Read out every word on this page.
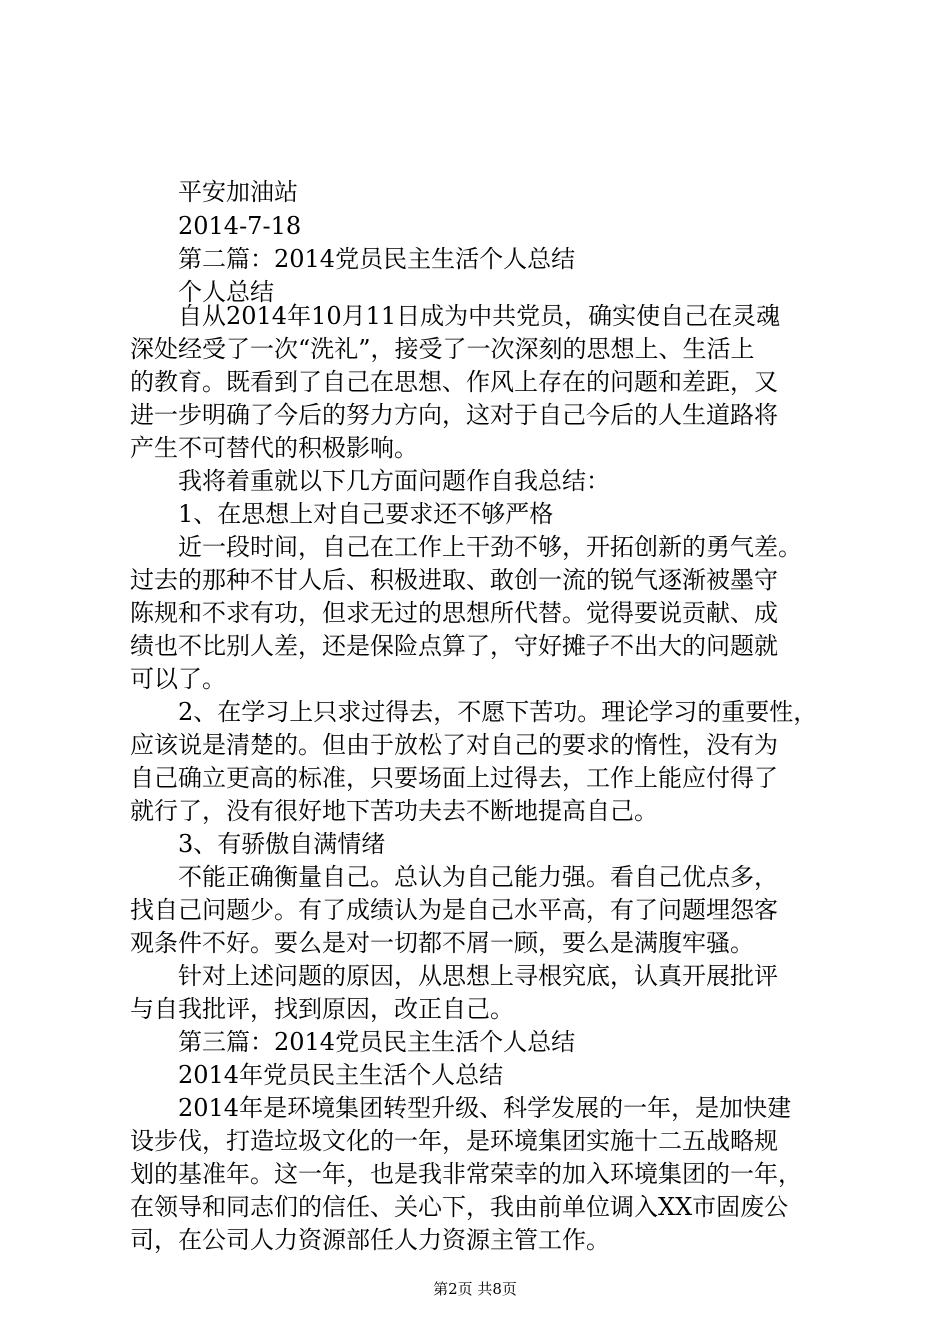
　　平安加油站

　　2014-7-18

　　第二篇：2014党员民主生活个人总结

　　个人总结

　　自从2014年10月11日成为中共党员，确实使自己在灵魂

深处经受了一次“洗礼”，接受了一次深刻的思想上、生活上

的教育。既看到了自己在思想、作风上存在的问题和差距，又

进一步明确了今后的努力方向，这对于自己今后的人生道路将

产生不可替代的积极影响。

　　我将着重就以下几方面问题作自我总结：

　　1、在思想上对自己要求还不够严格

　　近一段时间，自己在工作上干劲不够，开拓创新的勇气差。

过去的那种不甘人后、积极进取、敢创一流的锐气逐渐被墨守

陈规和不求有功，但求无过的思想所代替。觉得要说贡献、成

绩也不比别人差，还是保险点算了，守好摊子不出大的问题就

可以了。

　　2、在学习上只求过得去，不愿下苦功。理论学习的重要性，

应该说是清楚的。但由于放松了对自己的要求的惰性，没有为

自己确立更高的标准，只要场面上过得去，工作上能应付得了

就行了，没有很好地下苦功夫去不断地提高自己。

　　3、有骄傲自满情绪

　　不能正确衡量自己。总认为自己能力强。看自己优点多，

找自己问题少。有了成绩认为是自己水平高，有了问题埋怨客

观条件不好。要么是对一切都不屑一顾，要么是满腹牢骚。

　　针对上述问题的原因，从思想上寻根究底，认真开展批评

与自我批评，找到原因，改正自己。

　　第三篇：2014党员民主生活个人总结

　　2014年党员民主生活个人总结

　　2014年是环境集团转型升级、科学发展的一年，是加快建

设步伐，打造垃圾文化的一年，是环境集团实施十二五战略规

划的基准年。这一年，也是我非常荣幸的加入环境集团的一年，

在领导和同志们的信任、关心下，我由前单位调入XX市固废公

司，在公司人力资源部任人力资源主管工作。

第2页 共8页
